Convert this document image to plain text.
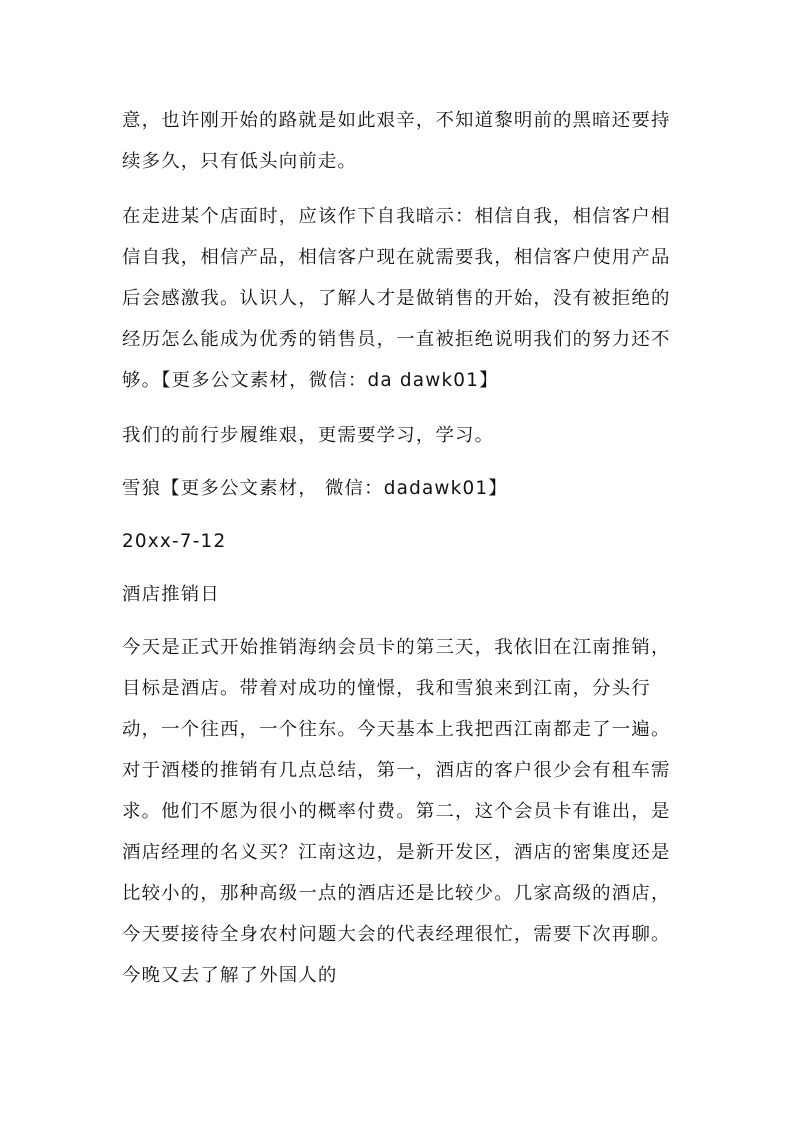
意，也许刚开始的路就是如此艰辛，不知道黎明前的黑暗还要持续多久，只有低头向前走。

在走进某个店面时，应该作下自我暗示：相信自我，相信客户相信自我，相信产品，相信客户现在就需要我，相信客户使用产品后会感激我。认识人，了解人才是做销售的开始，没有被拒绝的经历怎么能成为优秀的销售员，一直被拒绝说明我们的努力还不够。【更多公文素材，微信：da dawk01】

我们的前行步履维艰，更需要学习，学习。

雪狼【更多公文素材， 微信：dadawk01】

20xx-7-12

酒店推销日

今天是正式开始推销海纳会员卡的第三天，我依旧在江南推销，目标是酒店。带着对成功的憧憬，我和雪狼来到江南，分头行动，一个往西，一个往东。今天基本上我把西江南都走了一遍。对于酒楼的推销有几点总结，第一，酒店的客户很少会有租车需求。他们不愿为很小的概率付费。第二，这个会员卡有谁出，是酒店经理的名义买？江南这边，是新开发区，酒店的密集度还是比较小的，那种高级一点的酒店还是比较少。几家高级的酒店，今天要接待全身农村问题大会的代表经理很忙，需要下次再聊。今晚又去了解了外国人的
